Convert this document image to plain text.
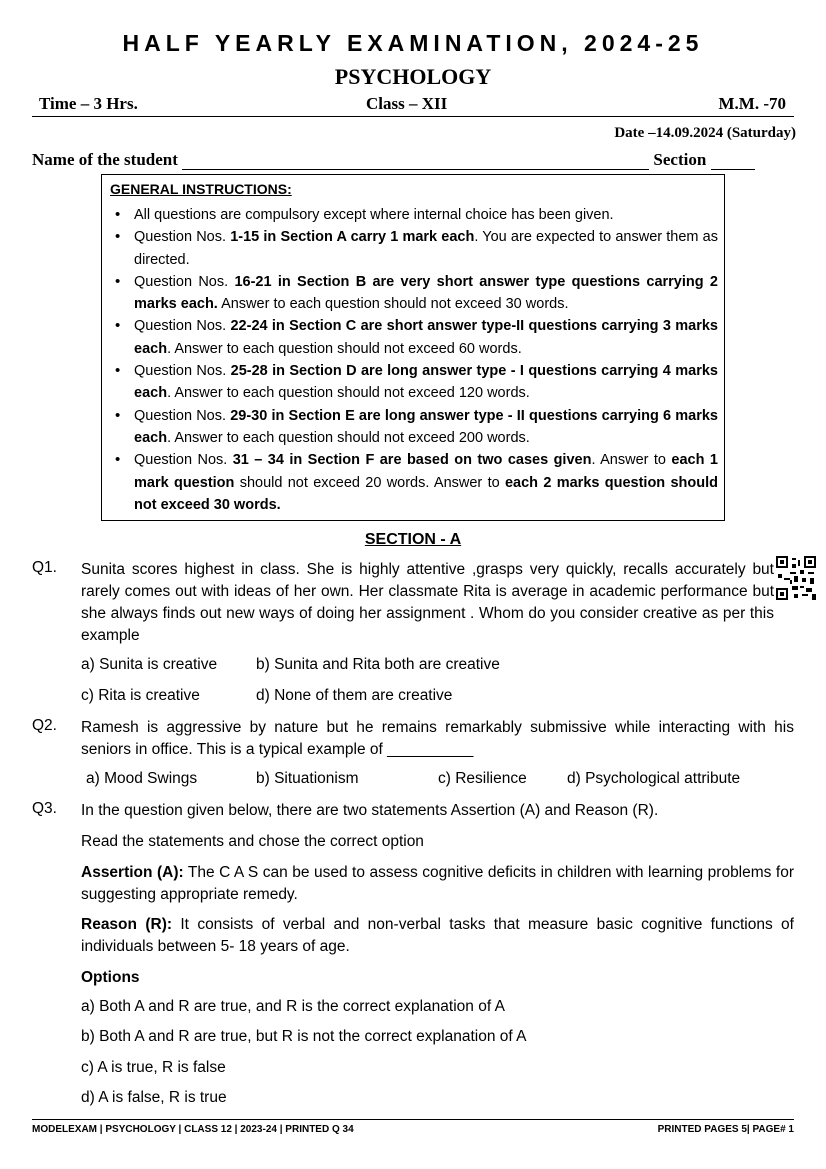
HALF YEARLY EXAMINATION, 2024-25
PSYCHOLOGY
Time – 3 Hrs.	Class – XII	M.M. -70
Date –14.09.2024 (Saturday)
Name of the student	Section
GENERAL INSTRUCTIONS:
• All questions are compulsory except where internal choice has been given.
• Question Nos. 1-15 in Section A carry 1 mark each. You are expected to answer them as directed.
• Question Nos. 16-21 in Section B are very short answer type questions carrying 2 marks each. Answer to each question should not exceed 30 words.
• Question Nos. 22-24 in Section C are short answer type-II questions carrying 3 marks each. Answer to each question should not exceed 60 words.
• Question Nos. 25-28 in Section D are long answer type - I questions carrying 4 marks each. Answer to each question should not exceed 120 words.
• Question Nos. 29-30 in Section E are long answer type - II questions carrying 6 marks each. Answer to each question should not exceed 200 words.
• Question Nos. 31 – 34 in Section F are based on two cases given. Answer to each 1 mark question should not exceed 20 words. Answer to each 2 marks question should not exceed 30 words.
SECTION - A
Q1. Sunita scores highest in class. She is highly attentive ,grasps very quickly, recalls accurately but rarely comes out with ideas of her own. Her classmate Rita is average in academic performance but she always finds out new ways of doing her assignment . Whom do you consider creative as per this example
a) Sunita is creative	b) Sunita and Rita both are creative
c) Rita is creative	d) None of them are creative
Q2. Ramesh is aggressive by nature but he remains remarkably submissive while interacting with his seniors in office. This is a typical example of __________
a) Mood Swings	b) Situationism	c) Resilience	d) Psychological attribute
Q3. In the question given below, there are two statements Assertion (A) and Reason (R).
Read the statements and chose the correct option
Assertion (A): The C A S can be used to assess cognitive deficits in children with learning problems for suggesting appropriate remedy.
Reason (R): It consists of verbal and non-verbal tasks that measure basic cognitive functions of individuals between 5- 18 years of age.
Options
a) Both A and R are true, and R is the correct explanation of A
b) Both A and R are true, but R is not the correct explanation of A
c) A is true, R is false
d) A is false, R is true
MODELEXAM | PSYCHOLOGY | CLASS 12 | 2023-24 | PRINTED Q 34	PRINTED PAGES 5| PAGE# 1
